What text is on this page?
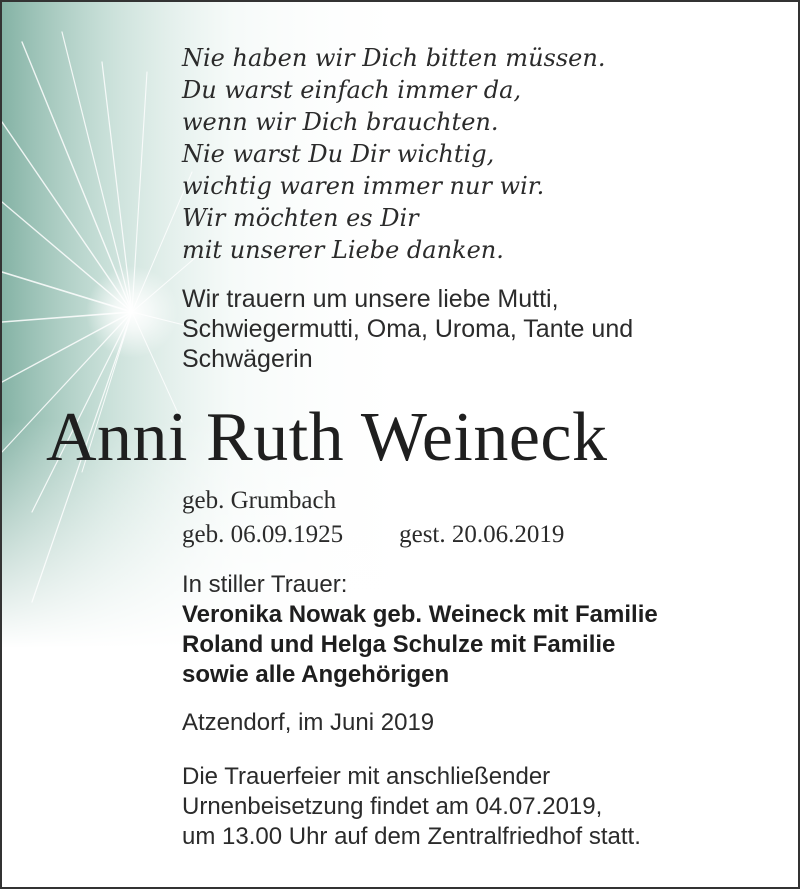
Nie haben wir Dich bitten müssen.
Du warst einfach immer da,
wenn wir Dich brauchten.
Nie warst Du Dir wichtig,
wichtig waren immer nur wir.
Wir möchten es Dir
mit unserer Liebe danken.
Wir trauern um unsere liebe Mutti,
Schwiegermutti, Oma, Uroma, Tante und
Schwägerin
Anni Ruth Weineck
geb. Grumbach
geb. 06.09.1925 gest. 20.06.2019
In stiller Trauer:
Veronika Nowak geb. Weineck mit Familie
Roland und Helga Schulze mit Familie
sowie alle Angehörigen
Atzendorf, im Juni 2019
Die Trauerfeier mit anschließender
Urnenbeisetzung findet am 04.07.2019,
um 13.00 Uhr auf dem Zentralfriedhof statt.
